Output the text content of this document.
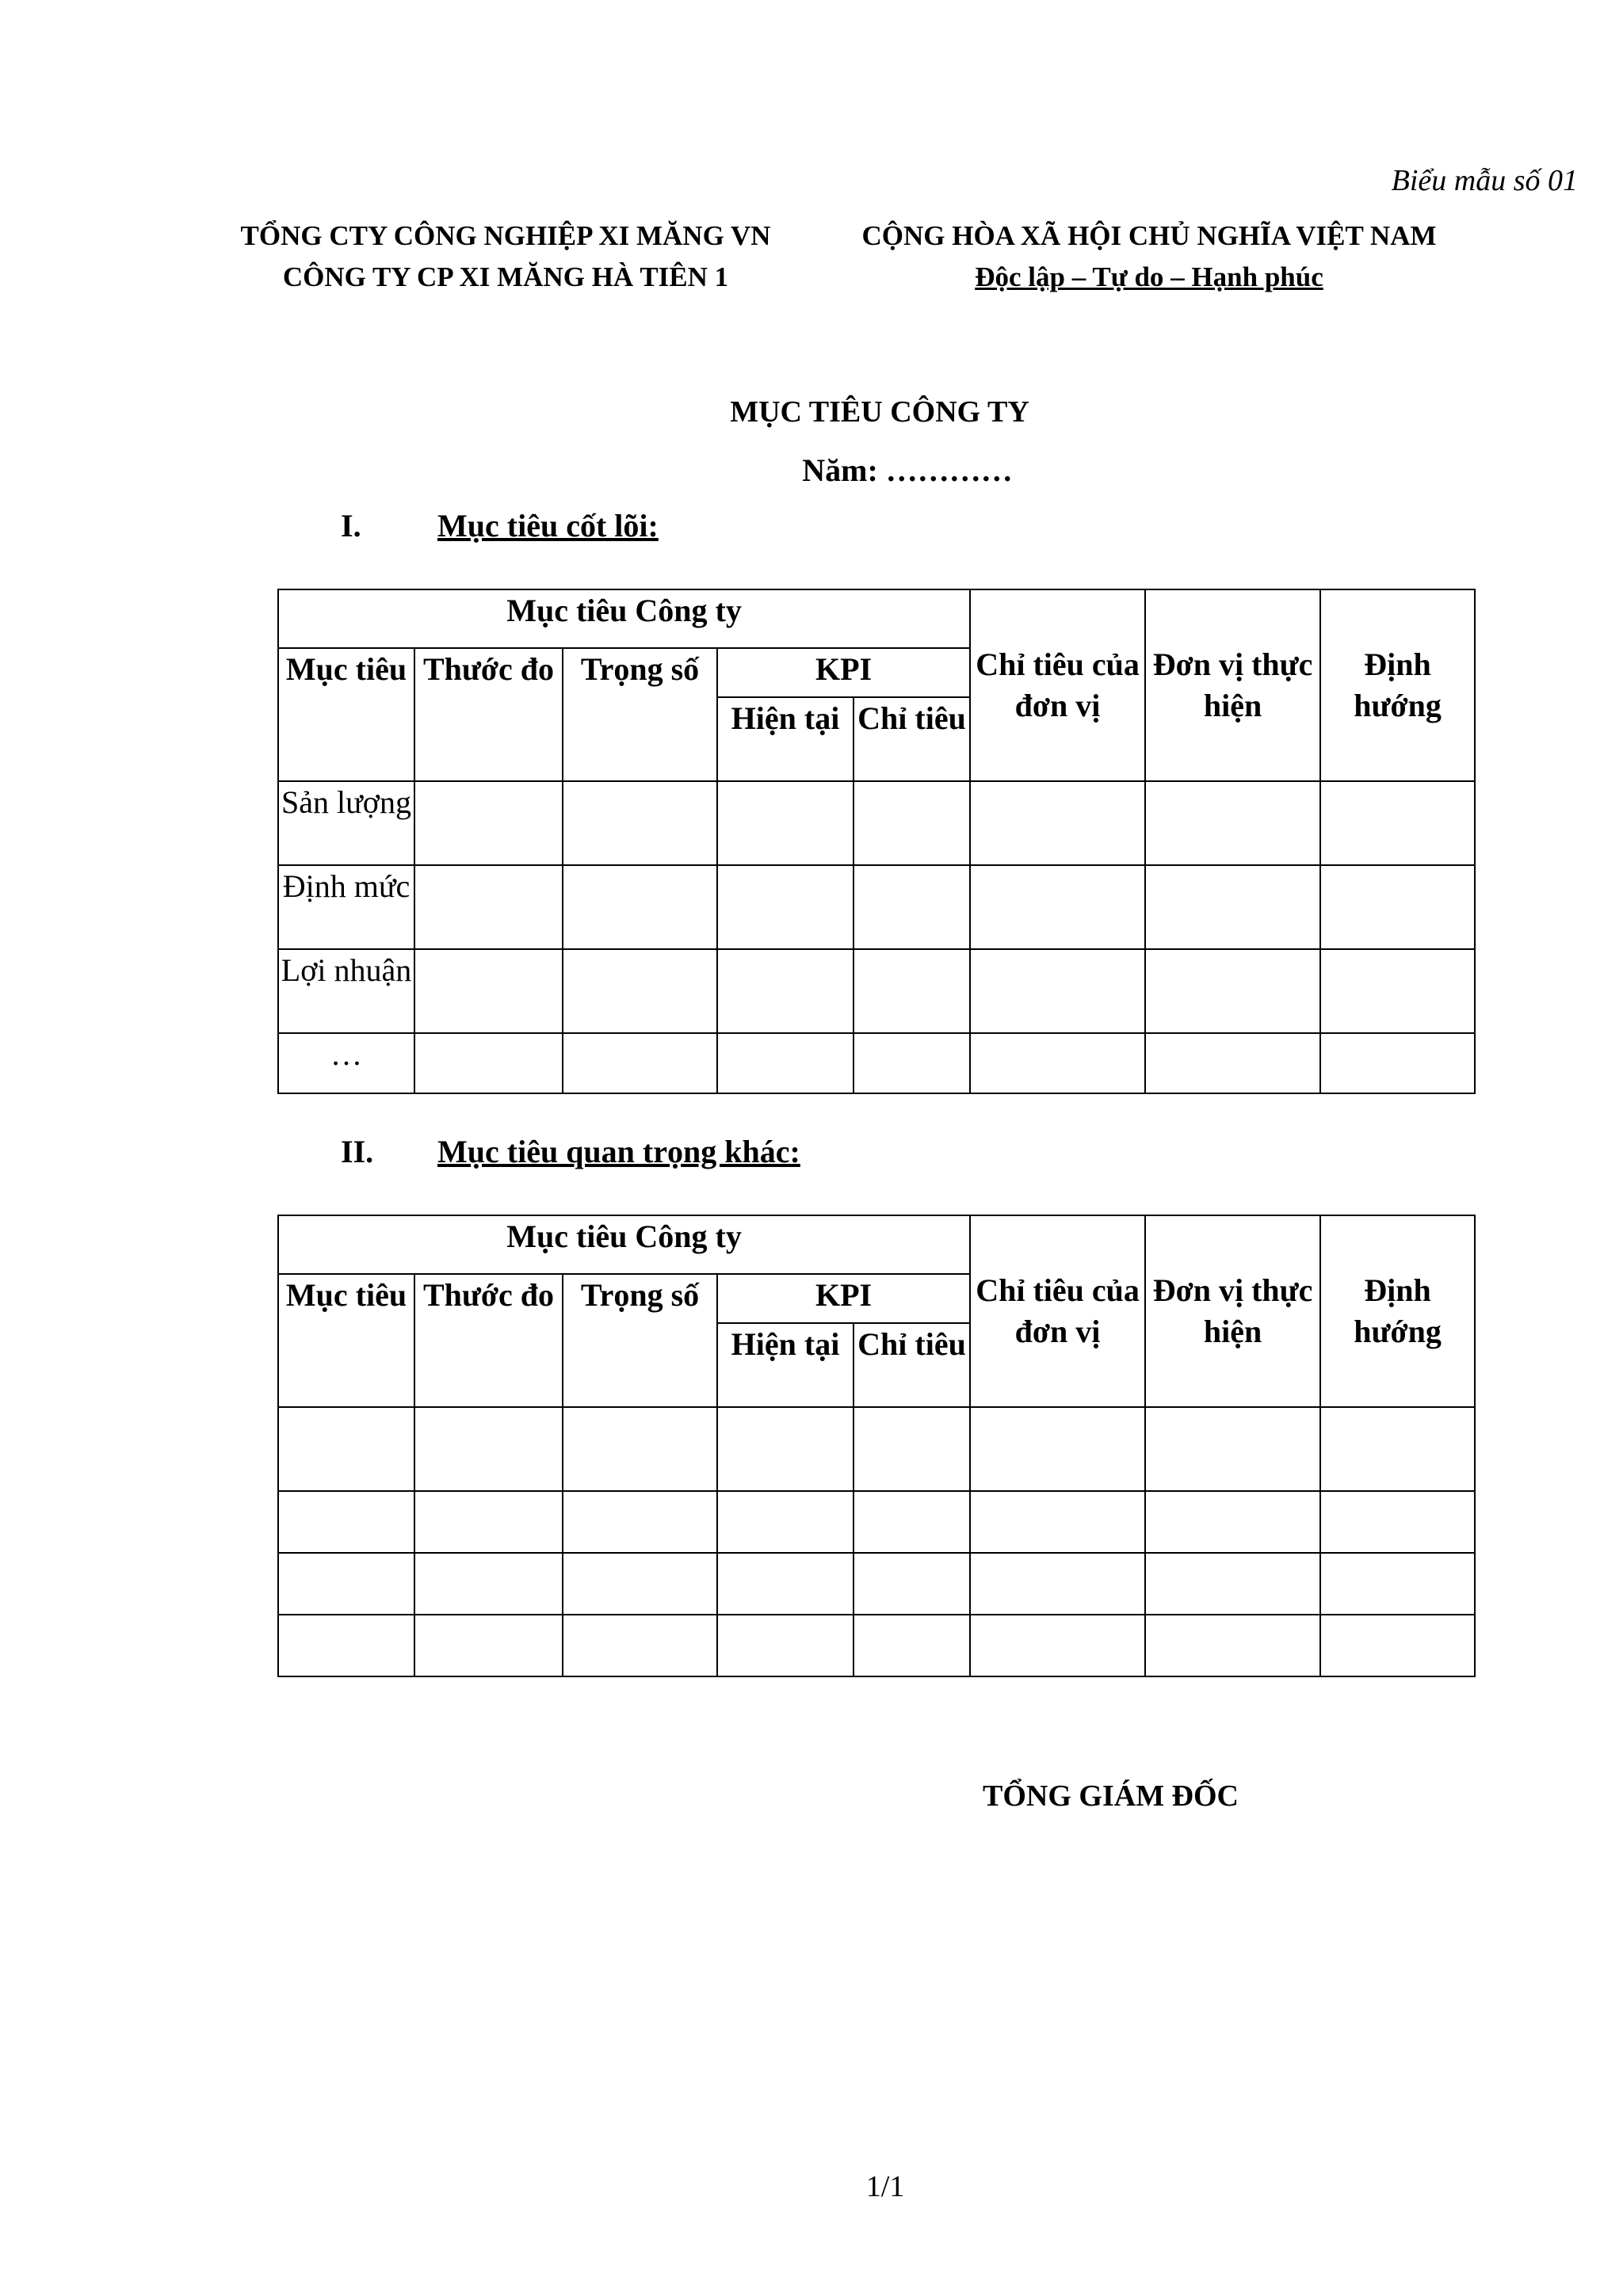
Biểu mẫu số 01
TỔNG CTY CÔNG NGHIỆP XI MĂNG VN
CÔNG TY CP XI MĂNG HÀ TIÊN 1
CỘNG HÒA XÃ HỘI CHỦ NGHĨA VIỆT NAM
Độc lập – Tự do – Hạnh phúc
MỤC TIÊU CÔNG TY
Năm: …………
I. Mục tiêu cốt lõi:
Mục tiêu Công ty					Chỉ tiêu của đơn vị	Đơn vị thực hiện	Định hướng
Mục tiêu	Thước đo	Trọng số	KPI				
			Hiện tại	Chỉ tiêu			
Sản lượng							
Định mức							
Lợi nhuận							
…							
II. Mục tiêu quan trọng khác:
Mục tiêu Công ty					Chỉ tiêu của đơn vị	Đơn vị thực hiện	Định hướng
Mục tiêu	Thước đo	Trọng số	KPI				
			Hiện tại	Chỉ tiêu			

TỔNG GIÁM ĐỐC
1/1
